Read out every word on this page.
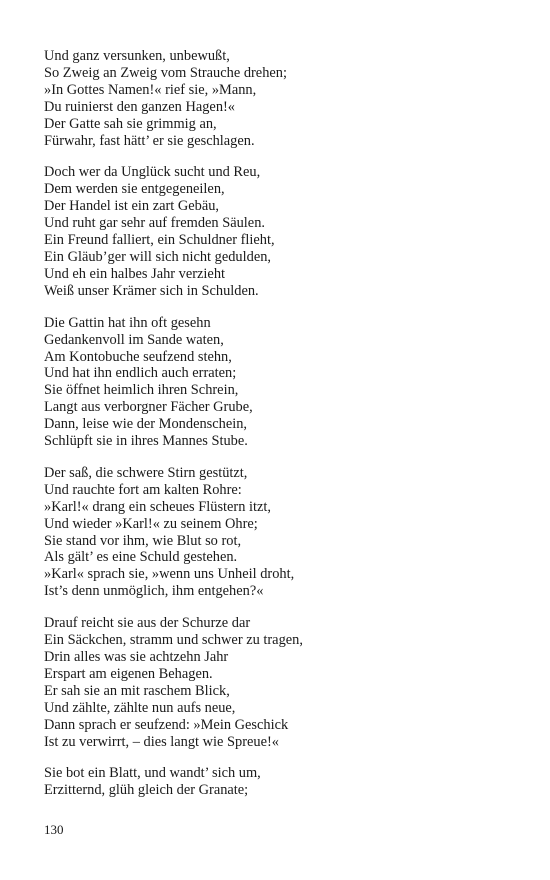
Und ganz versunken, unbewußt,
So Zweig an Zweig vom Strauche drehen;
»In Gottes Namen!« rief sie, »Mann,
Du ruinierst den ganzen Hagen!«
Der Gatte sah sie grimmig an,
Fürwahr, fast hätt’ er sie geschlagen.
Doch wer da Unglück sucht und Reu,
Dem werden sie entgegeneilen,
Der Handel ist ein zart Gebäu,
Und ruht gar sehr auf fremden Säulen.
Ein Freund falliert, ein Schuldner flieht,
Ein Gläub’ger will sich nicht gedulden,
Und eh ein halbes Jahr verzieht
Weiß unser Krämer sich in Schulden.
Die Gattin hat ihn oft gesehn
Gedankenvoll im Sande waten,
Am Kontobuche seufzend stehn,
Und hat ihn endlich auch erraten;
Sie öffnet heimlich ihren Schrein,
Langt aus verborgner Fächer Grube,
Dann, leise wie der Mondenschein,
Schlüpft sie in ihres Mannes Stube.
Der saß, die schwere Stirn gestützt,
Und rauchte fort am kalten Rohre:
»Karl!« drang ein scheues Flüstern itzt,
Und wieder »Karl!« zu seinem Ohre;
Sie stand vor ihm, wie Blut so rot,
Als gält’ es eine Schuld gestehen.
»Karl« sprach sie, »wenn uns Unheil droht,
Ist’s denn unmöglich, ihm entgehen?«
Drauf reicht sie aus der Schurze dar
Ein Säckchen, stramm und schwer zu tragen,
Drin alles was sie achtzehn Jahr
Erspart am eigenen Behagen.
Er sah sie an mit raschem Blick,
Und zählte, zählte nun aufs neue,
Dann sprach er seufzend: »Mein Geschick
Ist zu verwirrt, – dies langt wie Spreue!«
Sie bot ein Blatt, und wandt’ sich um,
Erzitternd, glüh gleich der Granate;
130
